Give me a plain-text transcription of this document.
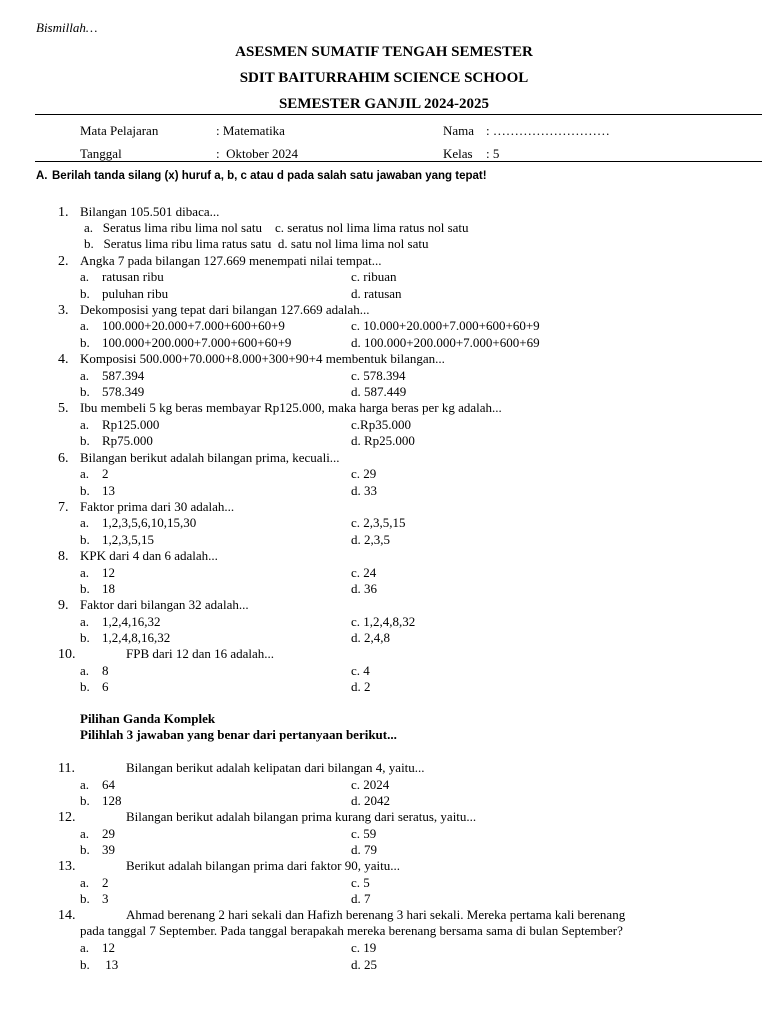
Bismillah…
ASESMEN SUMATIF TENGAH SEMESTER
SDIT BAITURRAHIM SCIENCE SCHOOL
SEMESTER GANJIL 2024-2025
Mata Pelajaran	: Matematika	Nama : ………………………
Tanggal	:  Oktober 2024	Kelas : 5
A. Berilah tanda silang (x) huruf a, b, c atau d pada salah satu jawaban yang tepat!
1. Bilangan 105.501 dibaca...
a.   Seratus lima ribu lima nol satu    c. seratus nol lima lima ratus nol satu
b.   Seratus lima ribu lima ratus satu  d. satu nol lima lima nol satu
2. Angka 7 pada bilangan 127.669 menempati nilai tempat...
a. ratusan ribu	c. ribuan
b. puluhan ribu	d. ratusan
3. Dekomposisi yang tepat dari bilangan 127.669 adalah...
a. 100.000+20.000+7.000+600+60+9	c. 10.000+20.000+7.000+600+60+9
b. 100.000+200.000+7.000+600+60+9	d. 100.000+200.000+7.000+600+69
4. Komposisi 500.000+70.000+8.000+300+90+4 membentuk bilangan...
a. 587.394	c. 578.394
b. 578.349	d. 587.449
5. Ibu membeli 5 kg beras membayar Rp125.000, maka harga beras per kg adalah...
a. Rp125.000	c.Rp35.000
b. Rp75.000	d. Rp25.000
6. Bilangan berikut adalah bilangan prima, kecuali...
a. 2	c. 29
b. 13	d. 33
7. Faktor prima dari 30 adalah...
a. 1,2,3,5,6,10,15,30	c. 2,3,5,15
b. 1,2,3,5,15	d. 2,3,5
8. KPK dari 4 dan 6 adalah...
a. 12	c. 24
b. 18	d. 36
9. Faktor dari bilangan 32 adalah...
a. 1,2,4,16,32	c. 1,2,4,8,32
b. 1,2,4,8,16,32	d. 2,4,8
10.	FPB dari 12 dan 16 adalah...
a. 8	c. 4
b. 6	d. 2
Pilihan Ganda Komplek
Pilihlah 3 jawaban yang benar dari pertanyaan berikut...
11.	Bilangan berikut adalah kelipatan dari bilangan 4, yaitu...
a. 64	c. 2024
b. 128	d. 2042
12.	Bilangan berikut adalah bilangan prima kurang dari seratus, yaitu...
a. 29	c. 59
b. 39	d. 79
13.	Berikut adalah bilangan prima dari faktor 90, yaitu...
a. 2	c. 5
b. 3	d. 7
14.	Ahmad berenang 2 hari sekali dan Hafizh berenang 3 hari sekali. Mereka pertama kali berenang
pada tanggal 7 September. Pada tanggal berapakah mereka berenang bersama sama di bulan September?
a. 12	c. 19
b. 13	d. 25
